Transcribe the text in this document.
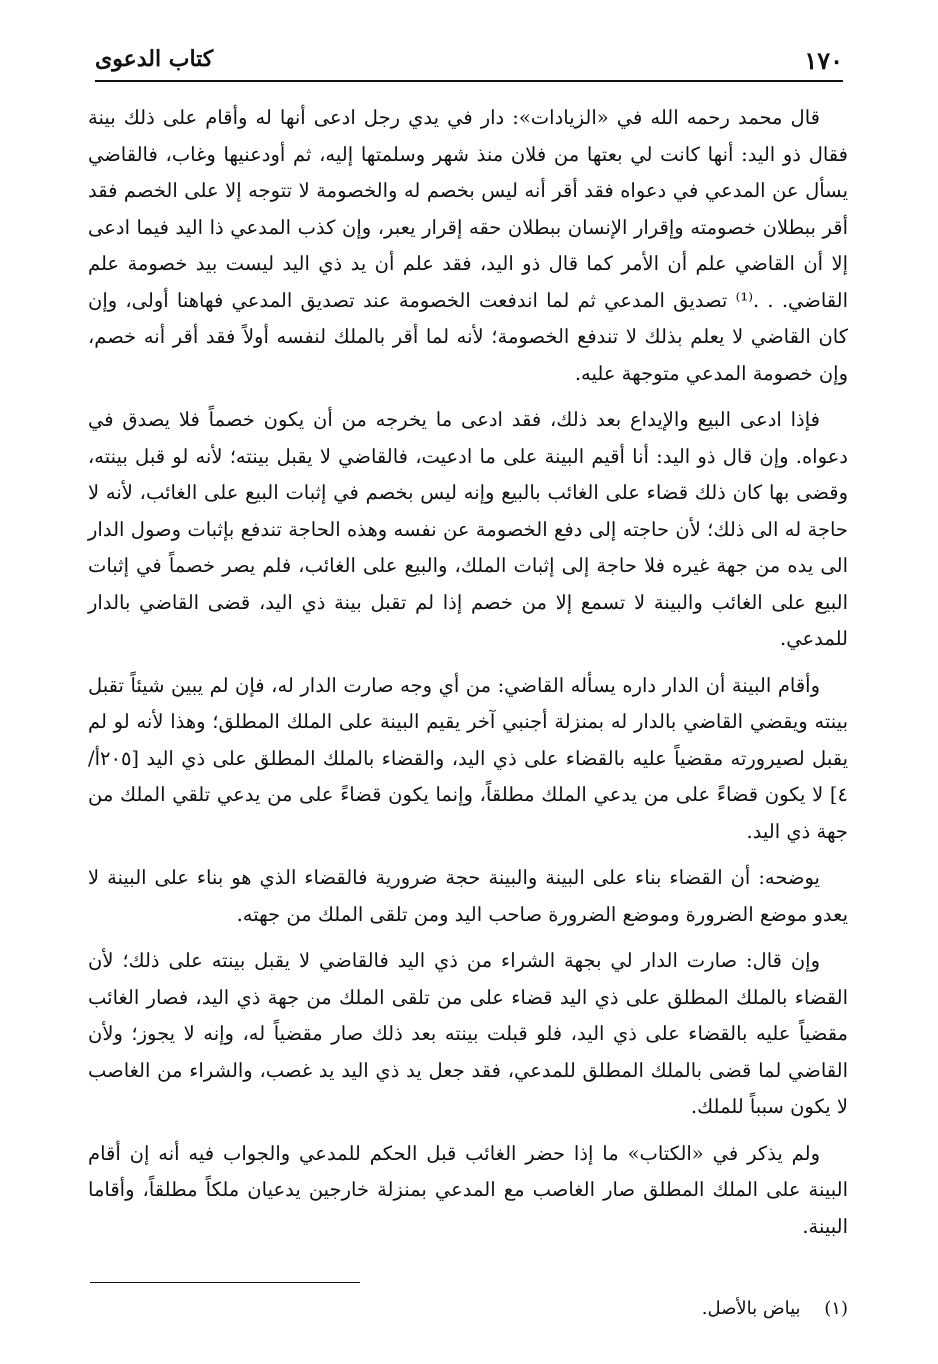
١٧٠
كتاب الدعوى

قال محمد رحمه الله في «الزيادات»: دار في يدي رجل ادعى أنها له وأقام على ذلك بينة فقال ذو اليد: أنها كانت لي بعتها من فلان منذ شهر وسلمتها إليه، ثم أودعنيها وغاب، فالقاضي يسأل عن المدعي في دعواه فقد أقر أنه ليس بخصم له والخصومة لا تتوجه إلا على الخصم فقد أقر ببطلان خصومته وإقرار الإنسان ببطلان حقه إقرار يعبر، وإن كذب المدعي ذا اليد فيما ادعى إلا أن القاضي علم أن الأمر كما قال ذو اليد، فقد علم أن يد ذي اليد ليست بيد خصومة علم القاضي. . .⁽¹⁾ تصديق المدعي ثم لما اندفعت الخصومة عند تصديق المدعي فهاهنا أولى، وإن كان القاضي لا يعلم بذلك لا تندفع الخصومة؛ لأنه لما أقر بالملك لنفسه أولاً فقد أقر أنه خصم، وإن خصومة المدعي متوجهة عليه.

فإذا ادعى البيع والإيداع بعد ذلك، فقد ادعى ما يخرجه من أن يكون خصماً فلا يصدق في دعواه. وإن قال ذو اليد: أنا أقيم البينة على ما ادعيت، فالقاضي لا يقبل بينته؛ لأنه لو قبل بينته، وقضى بها كان ذلك قضاء على الغائب بالبيع وإنه ليس بخصم في إثبات البيع على الغائب، لأنه لا حاجة له الى ذلك؛ لأن حاجته إلى دفع الخصومة عن نفسه وهذه الحاجة تندفع بإثبات وصول الدار الى يده من جهة غيره فلا حاجة إلى إثبات الملك، والبيع على الغائب، فلم يصر خصماً في إثبات البيع على الغائب والبينة لا تسمع إلا من خصم إذا لم تقبل بينة ذي اليد، قضى القاضي بالدار للمدعي.

وأقام البينة أن الدار داره يسأله القاضي: من أي وجه صارت الدار له، فإن لم يبين شيئاً تقبل بينته ويقضي القاضي بالدار له بمنزلة أجنبي آخر يقيم البينة على الملك المطلق؛ وهذا لأنه لو لم يقبل لصيرورته مقضياً عليه بالقضاء على ذي اليد، والقضاء بالملك المطلق على ذي اليد [٢٠٥أ/ ٤] لا يكون قضاءً على من يدعي الملك مطلقاً، وإنما يكون قضاءً على من يدعي تلقي الملك من جهة ذي اليد.

يوضحه: أن القضاء بناء على البينة والبينة حجة ضرورية فالقضاء الذي هو بناء على البينة لا يعدو موضع الضرورة وموضع الضرورة صاحب اليد ومن تلقى الملك من جهته.

وإن قال: صارت الدار لي بجهة الشراء من ذي اليد فالقاضي لا يقبل بينته على ذلك؛ لأن القضاء بالملك المطلق على ذي اليد قضاء على من تلقى الملك من جهة ذي اليد، فصار الغائب مقضياً عليه بالقضاء على ذي اليد، فلو قبلت بينته بعد ذلك صار مقضياً له، وإنه لا يجوز؛ ولأن القاضي لما قضى بالملك المطلق للمدعي، فقد جعل يد ذي اليد يد غصب، والشراء من الغاصب لا يكون سبباً للملك.

ولم يذكر في «الكتاب» ما إذا حضر الغائب قبل الحكم للمدعي والجواب فيه أنه إن أقام البينة على الملك المطلق صار الغاصب مع المدعي بمنزلة خارجين يدعيان ملكاً مطلقاً، وأقاما البينة.

(١) بياض بالأصل.
